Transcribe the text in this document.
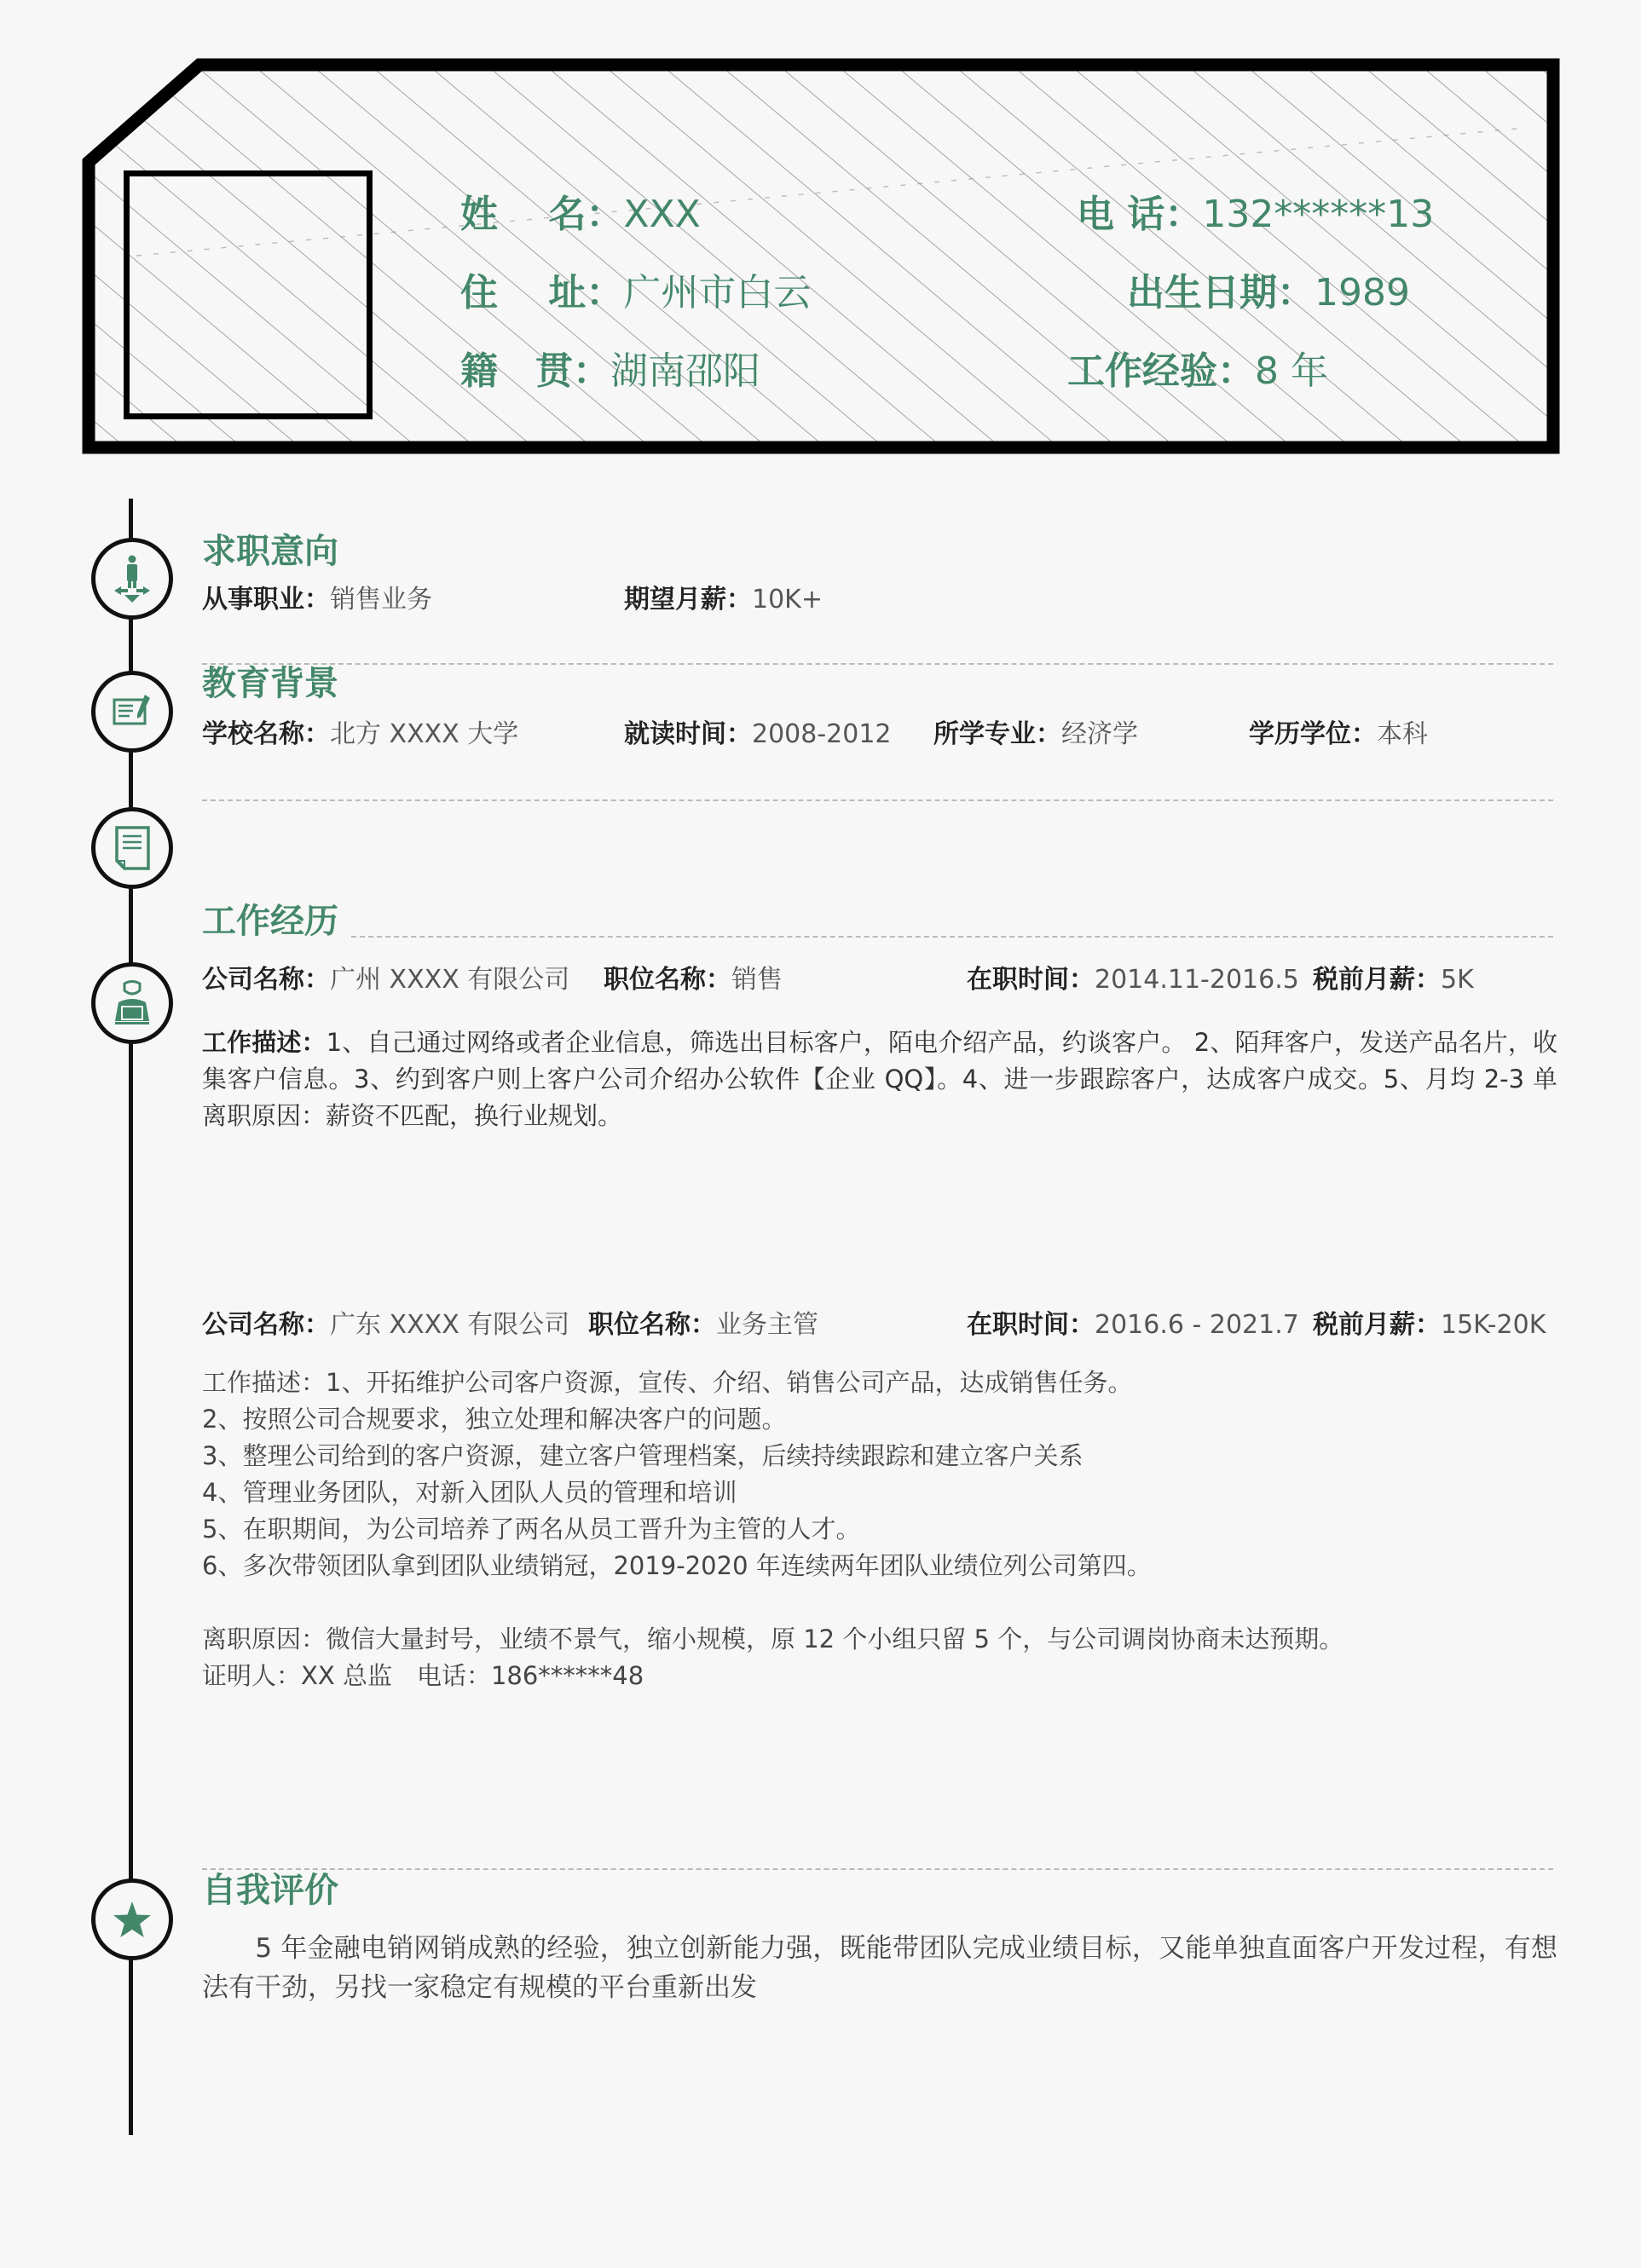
姓　 名：XXX
住　 址：广州市白云
籍　贯：湖南邵阳
电 话：132******13
出生日期：1989
工作经验：8 年
求职意向
从事职业：销售业务	期望月薪：10K+
教育背景
学校名称：北方 XXXX 大学	就读时间：2008-2012 所学专业：经济学	学历学位：本科
工作经历
公司名称：广州 XXXX 有限公司 职位名称：销售	在职时间：2014.11-2016.5 税前月薪：5K
工作描述：1、自己通过网络或者企业信息，筛选出目标客户，陌电介绍产品，约谈客户。 2、陌拜客户，发送产品名片，收集客户信息。3、约到客户则上客户公司介绍办公软件【企业 QQ】。4、进一步跟踪客户，达成客户成交。5、月均 2-3 单　离职原因：薪资不匹配，换行业规划。
公司名称：广东 XXXX 有限公司 职位名称：业务主管	在职时间：2016.6 - 2021.7 税前月薪：15K-20K
工作描述：1、开拓维护公司客户资源，宣传、介绍、销售公司产品，达成销售任务。
2、按照公司合规要求，独立处理和解决客户的问题。
3、整理公司给到的客户资源，建立客户管理档案，后续持续跟踪和建立客户关系
4、管理业务团队，对新入团队人员的管理和培训
5、在职期间，为公司培养了两名从员工晋升为主管的人才。
6、多次带领团队拿到团队业绩销冠，2019-2020 年连续两年团队业绩位列公司第四。
离职原因：微信大量封号，业绩不景气，缩小规模，原 12 个小组只留 5 个，与公司调岗协商未达预期。
证明人：XX 总监　电话：186******48
自我评价
　　5 年金融电销网销成熟的经验，独立创新能力强，既能带团队完成业绩目标，又能单独直面客户开发过程，有想法有干劲，另找一家稳定有规模的平台重新出发
